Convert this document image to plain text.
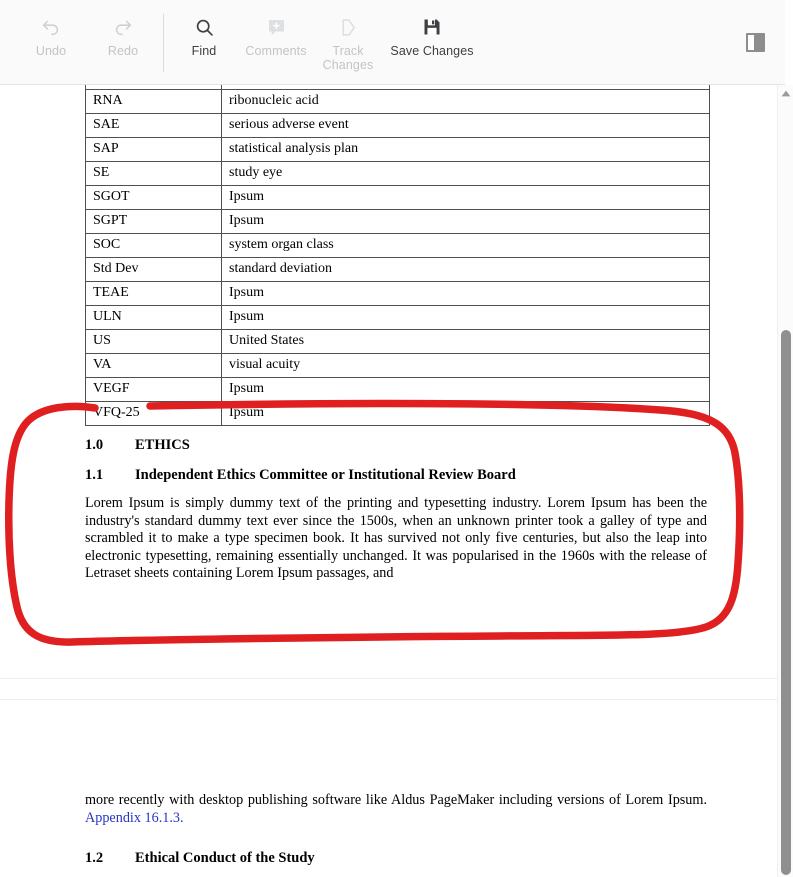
Undo	Redo	Find Comments	Track Changes
Save Changes

RNA	ribonucleic acid
SAE	serious adverse event
SAP	statistical analysis plan
SE	study eye
SGOT	Ipsum
SGPT	Ipsum
SOC	system organ class
Std Dev	standard deviation
TEAE	Ipsum
ULN	Ipsum
US	United States
VA	visual acuity
VEGF	Ipsum
VFQ-25	Ipsum
1.0	ETHICS
1.1	Independent Ethics Committee or Institutional Review Board

Lorem Ipsum is simply dummy text of the printing and typesetting industry. Lorem Ipsum has been the industry's standard dummy text ever since the 1500s, when an unknown printer took a galley of type and scrambled it to make a type specimen book. It has survived not only five centuries, but also the leap into electronic typesetting, remaining essentially unchanged. It was popularised in the 1960s with the release of Letraset sheets containing Lorem Ipsum passages, and

more recently with desktop publishing software like Aldus PageMaker including versions of Lorem Ipsum. Appendix 16.1.3.

1.2	Ethical Conduct of the Study
